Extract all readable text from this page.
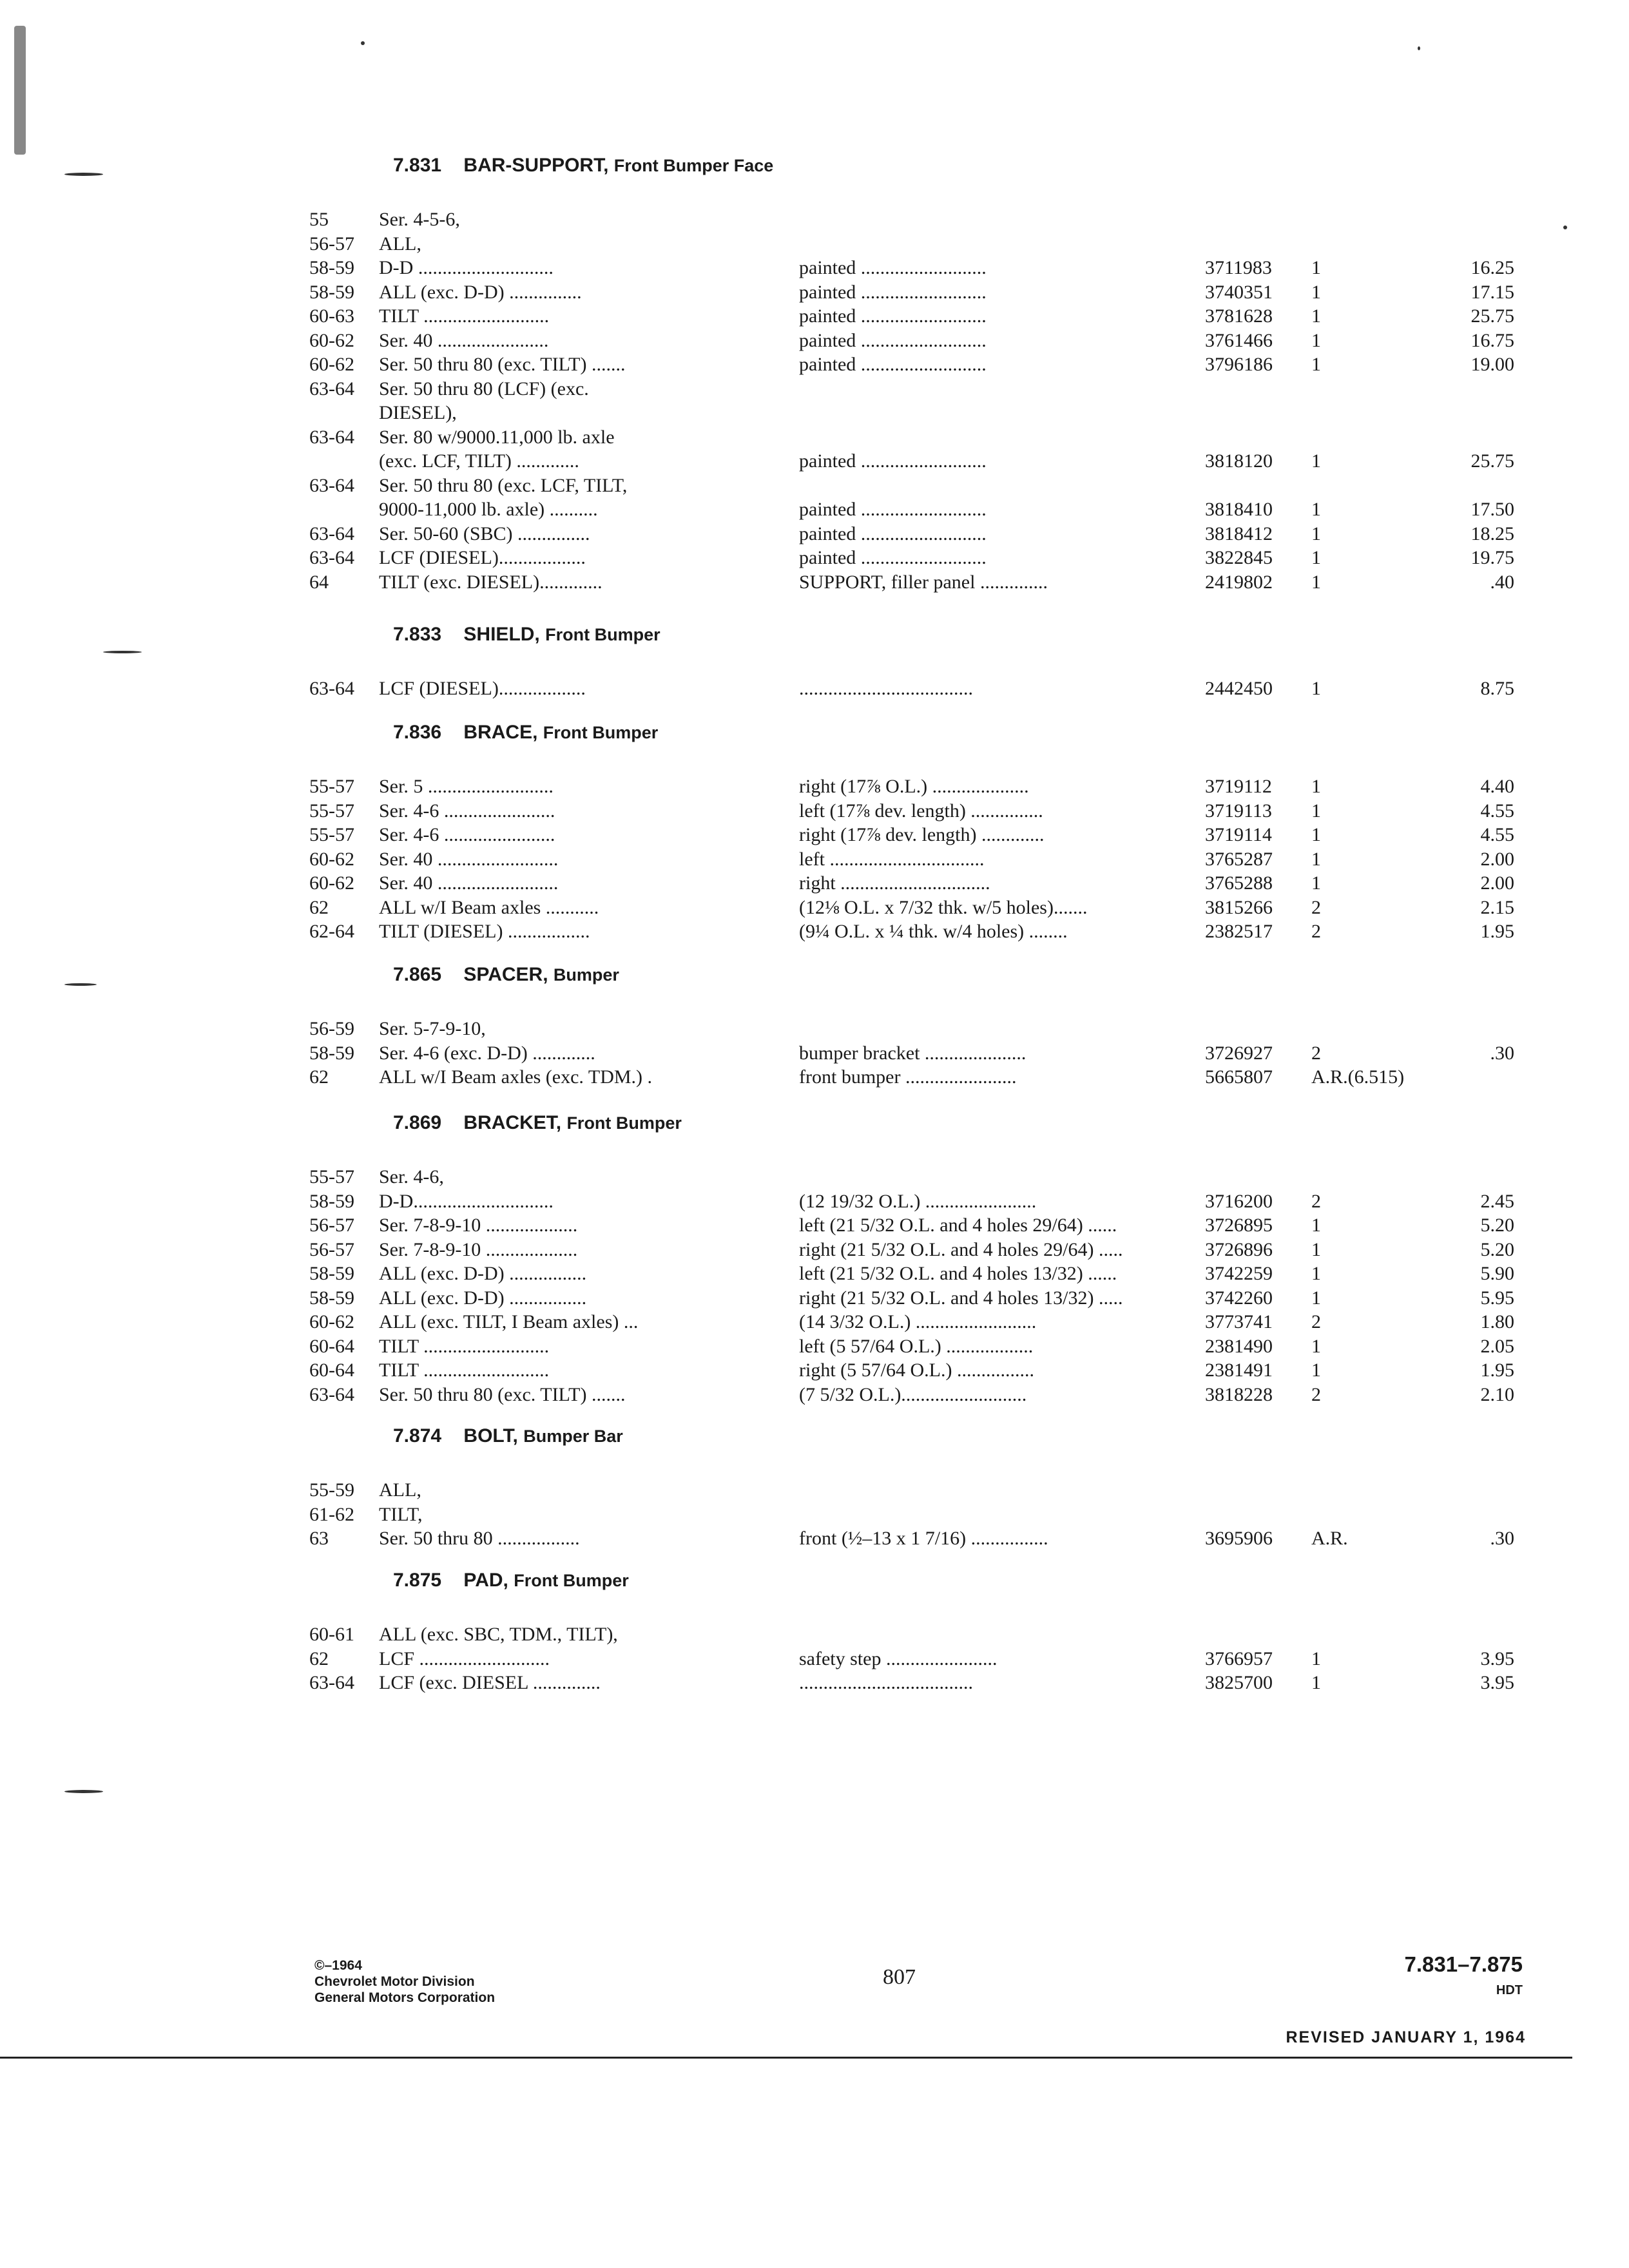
7.831 BAR-SUPPORT, Front Bumper Face
55	Ser. 4-5-6,
56-57 ALL,
58-59 D-D ............................	painted ..........................	3711983 1	16.25
58-59 ALL (exc. D-D) ...............	painted ..........................	3740351 1	17.15
60-63 TILT ..........................	painted ..........................	3781628 1	25.75
60-62 Ser. 40 .......................	painted ..........................	3761466 1	16.75
60-62 Ser. 50 thru 80 (exc. TILT) .......	painted ..........................	3796186 1	19.00
63-64 Ser. 50 thru 80 (LCF) (exc.
DIESEL),
63-64 Ser. 80 w/9000.11,000 lb. axle
(exc. LCF, TILT) .............	painted ..........................	3818120 1	25.75
63-64 Ser. 50 thru 80 (exc. LCF, TILT,
9000-11,000 lb. axle) ..........	painted ..........................	3818410 1	17.50
63-64 Ser. 50-60 (SBC) ...............	painted ..........................	3818412 1	18.25
63-64 LCF (DIESEL)..................	painted ..........................	3822845 1	19.75
64	TILT (exc. DIESEL).............	SUPPORT, filler panel ..............	2419802 1	.40
7.833 SHIELD, Front Bumper
63-64 LCF (DIESEL)..................	....................................	2442450 1	8.75
7.836 BRACE, Front Bumper
55-57 Ser. 5 ..........................	right (17⅞ O.L.) ....................	3719112 1	4.40
55-57 Ser. 4-6 .......................	left (17⅞ dev. length) ...............	3719113 1	4.55
55-57 Ser. 4-6 .......................	right (17⅞ dev. length) .............	3719114 1	4.55
60-62 Ser. 40 .........................	left ................................	3765287 1	2.00
60-62 Ser. 40 .........................	right ...............................	3765288 1	2.00
62	ALL w/I Beam axles ...........	(12⅛ O.L. x 7/32 thk. w/5 holes).......	3815266 2	2.15
62-64 TILT (DIESEL) .................	(9¼ O.L. x ¼ thk. w/4 holes) ........	2382517 2	1.95
7.865 SPACER, Bumper
56-59 Ser. 5-7-9-10,
58-59 Ser. 4-6 (exc. D-D) .............	bumper bracket .....................	3726927 2	.30
62	ALL w/I Beam axles (exc. TDM.) .	front bumper .......................	5665807 A.R.(6.515)
7.869 BRACKET, Front Bumper
55-57 Ser. 4-6,
58-59 D-D.............................	(12 19/32 O.L.) .......................	3716200 2	2.45
56-57 Ser. 7-8-9-10 ...................	left (21 5/32 O.L. and 4 holes 29/64) ......	3726895 1	5.20
56-57 Ser. 7-8-9-10 ...................	right (21 5/32 O.L. and 4 holes 29/64) .....	3726896 1	5.20
58-59 ALL (exc. D-D) ................	left (21 5/32 O.L. and 4 holes 13/32) ......	3742259 1	5.90
58-59 ALL (exc. D-D) ................	right (21 5/32 O.L. and 4 holes 13/32) .....	3742260 1	5.95
60-62 ALL (exc. TILT, I Beam axles) ...	(14 3/32 O.L.) .........................	3773741 2	1.80
60-64 TILT ..........................	left (5 57/64 O.L.) ..................	2381490 1	2.05
60-64 TILT ..........................	right (5 57/64 O.L.) ................	2381491 1	1.95
63-64 Ser. 50 thru 80 (exc. TILT) .......	(7 5/32 O.L.)..........................	3818228 2	2.10
7.874 BOLT, Bumper Bar
55-59 ALL,
61-62 TILT,
63	Ser. 50 thru 80 .................	front (½–13 x 1 7/16) ................	3695906 A.R.	.30
7.875 PAD, Front Bumper
60-61 ALL (exc. SBC, TDM., TILT),
62	LCF ...........................	safety step .......................	3766957 1	3.95
63-64 LCF (exc. DIESEL ..............	....................................	3825700 1	3.95
©–1964
Chevrolet Motor Division
General Motors Corporation
807
7.831–7.875
HDT
REVISED JANUARY 1, 1964
